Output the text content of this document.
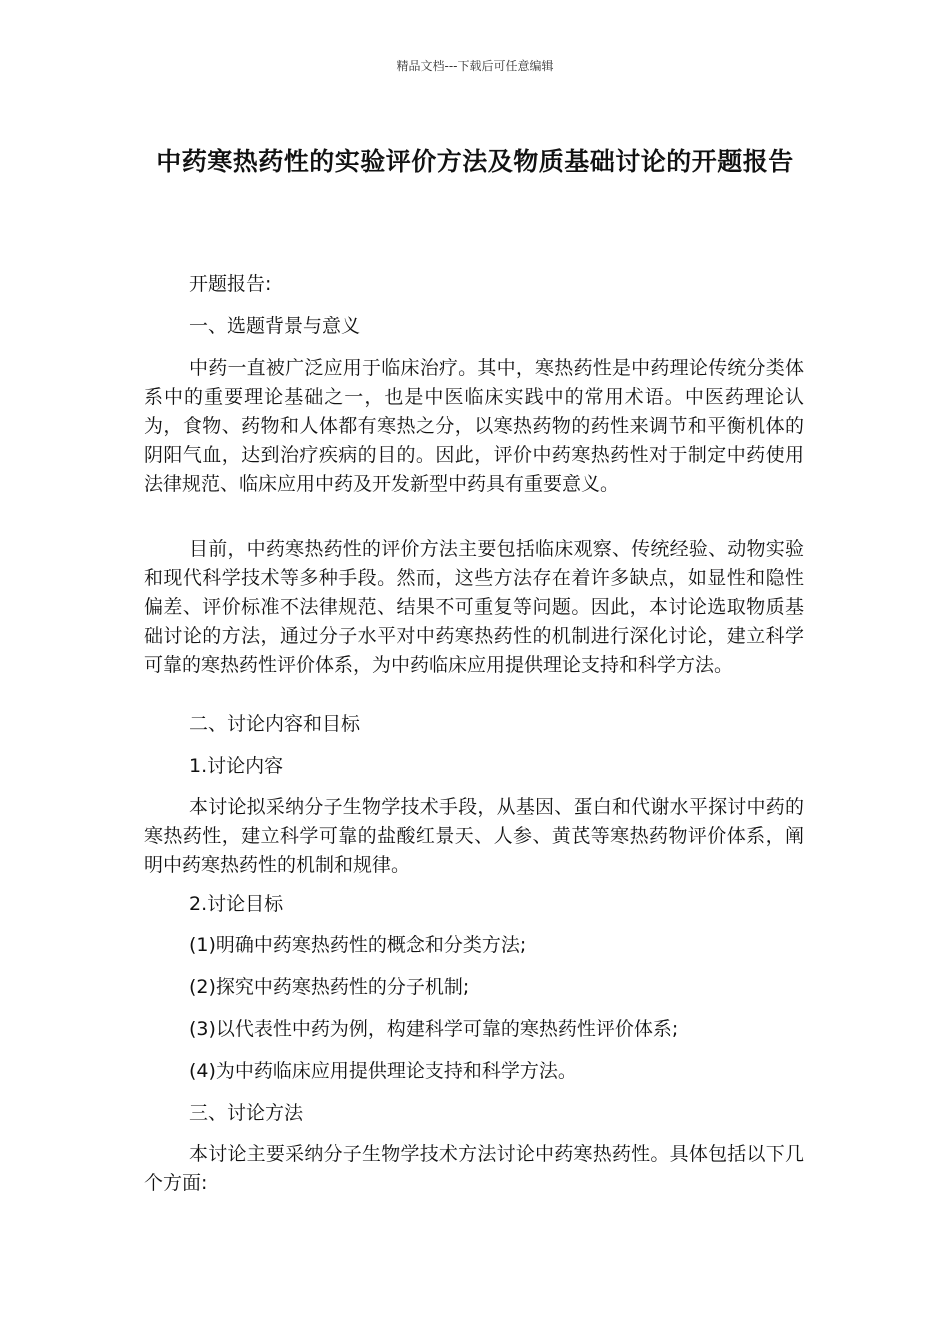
精品文档---下载后可任意编辑
中药寒热药性的实验评价方法及物质基础讨论的开题报告

开题报告:

一、选题背景与意义

中药一直被广泛应用于临床治疗。其中，寒热药性是中药理论传统分类体系中的重要理论基础之一，也是中医临床实践中的常用术语。中医药理论认为，食物、药物和人体都有寒热之分，以寒热药物的药性来调节和平衡机体的阴阳气血，达到治疗疾病的目的。因此，评价中药寒热药性对于制定中药使用法律规范、临床应用中药及开发新型中药具有重要意义。

目前，中药寒热药性的评价方法主要包括临床观察、传统经验、动物实验和现代科学技术等多种手段。然而，这些方法存在着许多缺点，如显性和隐性偏差、评价标准不法律规范、结果不可重复等问题。因此，本讨论选取物质基础讨论的方法，通过分子水平对中药寒热药性的机制进行深化讨论，建立科学可靠的寒热药性评价体系，为中药临床应用提供理论支持和科学方法。

二、讨论内容和目标

1.讨论内容

本讨论拟采纳分子生物学技术手段，从基因、蛋白和代谢水平探讨中药的寒热药性，建立科学可靠的盐酸红景天、人参、黄芪等寒热药物评价体系，阐明中药寒热药性的机制和规律。

2.讨论目标

(1)明确中药寒热药性的概念和分类方法;

(2)探究中药寒热药性的分子机制;

(3)以代表性中药为例，构建科学可靠的寒热药性评价体系;

(4)为中药临床应用提供理论支持和科学方法。

三、讨论方法

本讨论主要采纳分子生物学技术方法讨论中药寒热药性。具体包括以下几个方面:
